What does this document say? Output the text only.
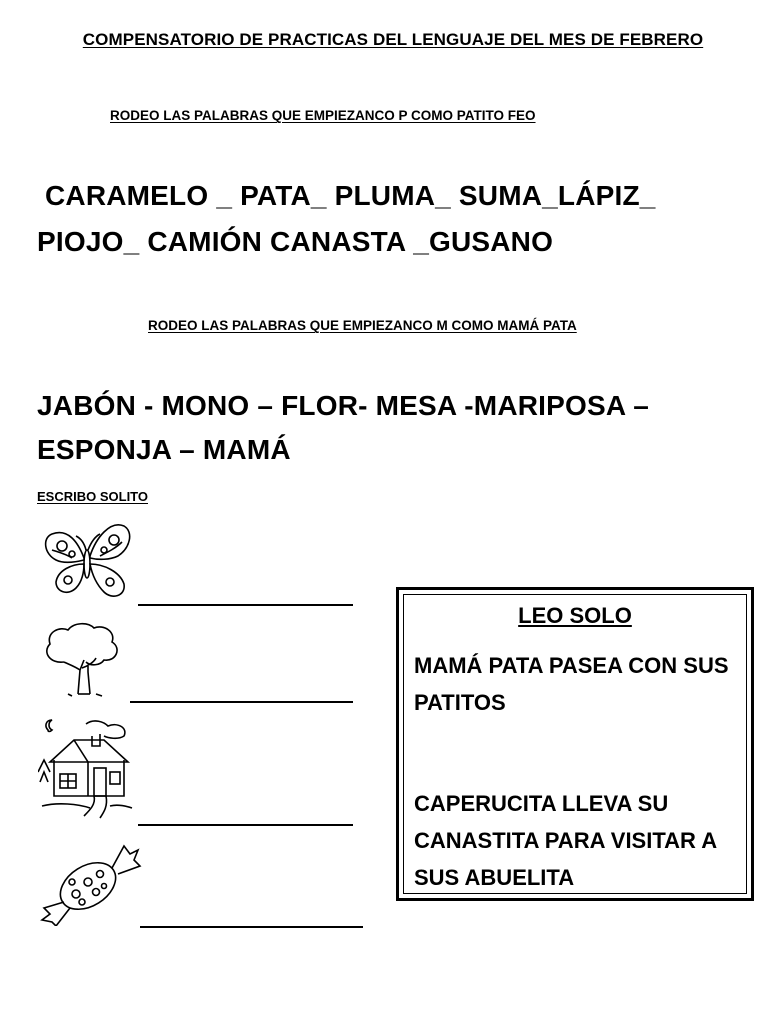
COMPENSATORIO DE PRACTICAS DEL LENGUAJE DEL MES DE FEBRERO
RODEO LAS PALABRAS QUE EMPIEZANCO P COMO PATITO FEO
CARAMELO _ PATA_ PLUMA_ SUMA_LÁPIZ_
PIOJO_ CAMIÓN CANASTA _GUSANO
RODEO LAS PALABRAS QUE EMPIEZANCO M COMO MAMÁ PATA
JABÓN - MONO – FLOR- MESA -MARIPOSA –
ESPONJA – MAMÁ
ESCRIBO SOLITO
LEO SOLO
MAMÁ PATA PASEA CON SUS PATITOS
CAPERUCITA LLEVA SU CANASTITA PARA VISITAR A SUS ABUELITA
